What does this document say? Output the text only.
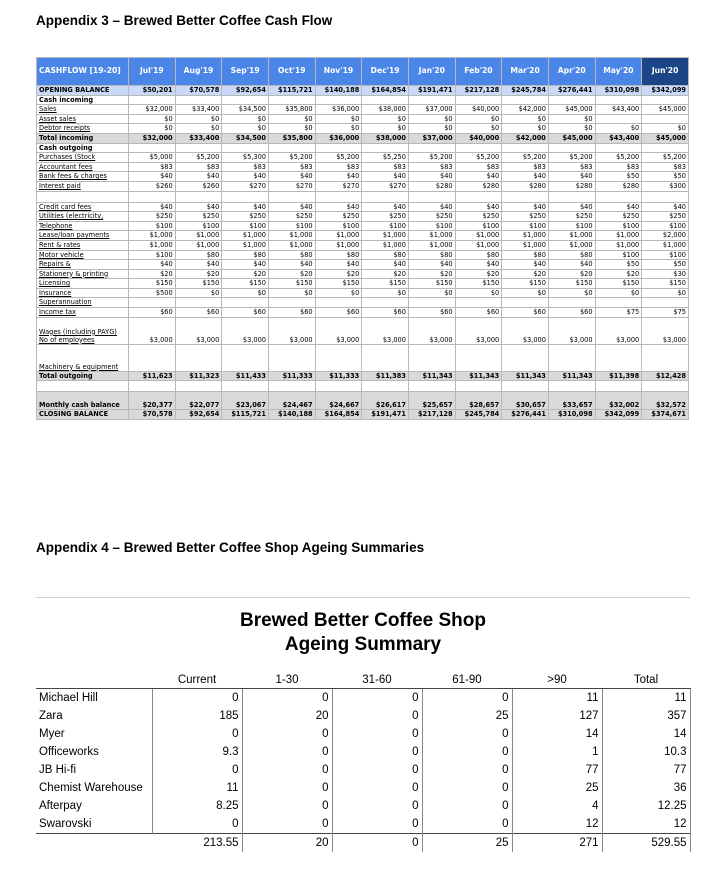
Appendix 3 – Brewed Better Coffee Cash Flow
CASHFLOW [19-20]	Jul'19	Aug'19	Sep'19	Oct'19	Nov'19	Dec'19	Jan'20	Feb'20	Mar'20	Apr'20	May'20	Jun'20
OPENING BALANCE	$50,201	$70,578	$92,654	$115,721	$140,188	$164,854	$191,471	$217,128	$245,784	$276,441	$310,098	$342,099
Cash incoming												
Sales	$32,000	$33,400	$34,500	$35,800	$36,000	$38,000	$37,000	$40,000	$42,000	$45,000	$43,400	$45,000
Asset sales	$0	$0	$0	$0	$0	$0	$0	$0	$0	$0		
Debtor receipts	$0	$0	$0	$0	$0	$0	$0	$0	$0	$0	$0	$0
Total incoming	$32,000	$33,400	$34,500	$35,800	$36,000	$38,000	$37,000	$40,000	$42,000	$45,000	$43,400	$45,000
Cash outgoing												
Purchases (Stock	$5,000	$5,200	$5,300	$5,200	$5,200	$5,250	$5,200	$5,200	$5,200	$5,200	$5,200	$5,200
Accountant fees	$83	$83	$83	$83	$83	$83	$83	$83	$83	$83	$83	$83
Bank fees & charges	$40	$40	$40	$40	$40	$40	$40	$40	$40	$40	$50	$50
Interest paid	$260	$260	$270	$270	$270	$270	$280	$280	$280	$280	$280	$300

Credit card fees	$40	$40	$40	$40	$40	$40	$40	$40	$40	$40	$40	$40
Utilities (electricity,	$250	$250	$250	$250	$250	$250	$250	$250	$250	$250	$250	$250
Telephone	$100	$100	$100	$100	$100	$100	$100	$100	$100	$100	$100	$100
Lease/loan payments	$1,000	$1,000	$1,000	$1,000	$1,000	$1,000	$1,000	$1,000	$1,000	$1,000	$1,000	$2,000
Rent & rates	$1,000	$1,000	$1,000	$1,000	$1,000	$1,000	$1,000	$1,000	$1,000	$1,000	$1,000	$1,000
Motor vehicle	$100	$80	$80	$80	$80	$80	$80	$80	$80	$80	$100	$100
Repairs &	$40	$40	$40	$40	$40	$40	$40	$40	$40	$40	$50	$50
Stationery & printing	$20	$20	$20	$20	$20	$20	$20	$20	$20	$20	$20	$30
Licensing	$150	$150	$150	$150	$150	$150	$150	$150	$150	$150	$150	$150
Insurance	$500	$0	$0	$0	$0	$0	$0	$0	$0	$0	$0	$0
Superannuation												
Income tax	$60	$60	$60	$60	$60	$60	$60	$60	$60	$60	$75	$75
Wages (including PAYG) No of employees	$3,000	$3,000	$3,000	$3,000	$3,000	$3,000	$3,000	$3,000	$3,000	$3,000	$3,000	$3,000
Machinery & equipment												
Total outgoing	$11,623	$11,323	$11,433	$11,333	$11,333	$11,383	$11,343	$11,343	$11,343	$11,343	$11,398	$12,428

Monthly cash balance	$20,377	$22,077	$23,067	$24,467	$24,667	$26,617	$25,657	$28,657	$30,657	$33,657	$32,002	$32,572
CLOSING BALANCE	$70,578	$92,654	$115,721	$140,188	$164,854	$191,471	$217,128	$245,784	$276,441	$310,098	$342,099	$374,671
Appendix 4 – Brewed Better Coffee Shop Ageing Summaries
Brewed Better Coffee Shop
Ageing Summary
	Current	1-30	31-60	61-90	>90	Total
Michael Hill	0	0	0	0	11	11
Zara	185	20	0	25	127	357
Myer	0	0	0	0	14	14
Officeworks	9.3	0	0	0	1	10.3
JB Hi-fi	0	0	0	0	77	77
Chemist Warehouse	11	0	0	0	25	36
Afterpay	8.25	0	0	0	4	12.25
Swarovski	0	0	0	0	12	12
	213.55	20	0	25	271	529.55
